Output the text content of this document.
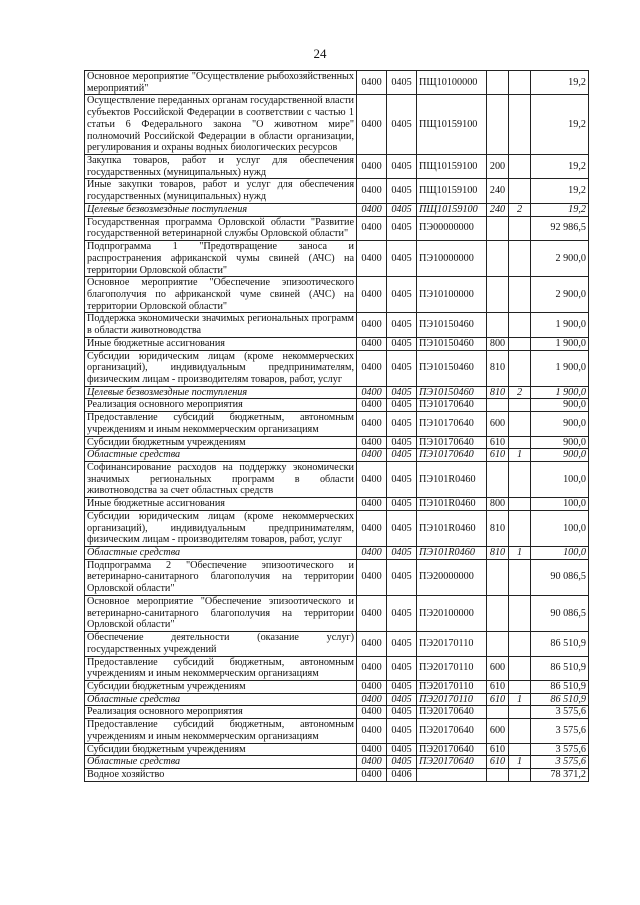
24
Основное мероприятие "Осуществление рыбохозяйственных мероприятий"	0400	0405	ПЩ10100000			19,2
Осуществление переданных органам государственной власти субъектов Российской Федерации в соответствии с частью 1 статьи 6 Федерального закона "О животном мире" полномочий Российской Федерации в области организации, регулирования и охраны водных биологических ресурсов	0400	0405	ПЩ10159100			19,2
Закупка товаров, работ и услуг для обеспечения государственных (муниципальных) нужд	0400	0405	ПЩ10159100	200		19,2
Иные закупки товаров, работ и услуг для обеспечения государственных (муниципальных) нужд	0400	0405	ПЩ10159100	240		19,2
Целевые безвозмездные поступления	0400	0405	ПЩ10159100	240	2	19,2
Государственная программа Орловской области "Развитие государственной ветеринарной службы Орловской области"	0400	0405	ПЭ00000000			92 986,5
Подпрограмма 1 "Предотвращение заноса и распространения африканской чумы свиней (АЧС) на территории Орловской области"	0400	0405	ПЭ10000000			2 900,0
Основное мероприятие "Обеспечение эпизоотического благополучия по африканской чуме свиней (АЧС) на территории Орловской области"	0400	0405	ПЭ10100000			2 900,0
Поддержка экономически значимых региональных программ в области животноводства	0400	0405	ПЭ10150460			1 900,0
Иные бюджетные ассигнования	0400	0405	ПЭ10150460	800		1 900,0
Субсидии юридическим лицам (кроме некоммерческих организаций), индивидуальным предпринимателям, физическим лицам - производителям товаров, работ, услуг	0400	0405	ПЭ10150460	810		1 900,0
Целевые безвозмездные поступления	0400	0405	ПЭ10150460	810	2	1 900,0
Реализация основного мероприятия	0400	0405	ПЭ10170640			900,0
Предоставление субсидий бюджетным, автономным учреждениям и иным некоммерческим организациям	0400	0405	ПЭ10170640	600		900,0
Субсидии бюджетным учреждениям	0400	0405	ПЭ10170640	610		900,0
Областные средства	0400	0405	ПЭ10170640	610	1	900,0
Софинансирование расходов на поддержку экономически значимых региональных программ в области животноводства за счет областных средств	0400	0405	ПЭ101R0460			100,0
Иные бюджетные ассигнования	0400	0405	ПЭ101R0460	800		100,0
Субсидии юридическим лицам (кроме некоммерческих организаций), индивидуальным предпринимателям, физическим лицам - производителям товаров, работ, услуг	0400	0405	ПЭ101R0460	810		100,0
Областные средства	0400	0405	ПЭ101R0460	810	1	100,0
Подпрограмма 2 "Обеспечение эпизоотического и ветеринарно-санитарного благополучия на территории Орловской области"	0400	0405	ПЭ20000000			90 086,5
Основное мероприятие "Обеспечение эпизоотического и ветеринарно-санитарного благополучия на территории Орловской области"	0400	0405	ПЭ20100000			90 086,5
Обеспечение деятельности (оказание услуг) государственных учреждений	0400	0405	ПЭ20170110			86 510,9
Предоставление субсидий бюджетным, автономным учреждениям и иным некоммерческим организациям	0400	0405	ПЭ20170110	600		86 510,9
Субсидии бюджетным учреждениям	0400	0405	ПЭ20170110	610		86 510,9
Областные средства	0400	0405	ПЭ20170110	610	1	86 510,9
Реализация основного мероприятия	0400	0405	ПЭ20170640			3 575,6
Предоставление субсидий бюджетным, автономным учреждениям и иным некоммерческим организациям	0400	0405	ПЭ20170640	600		3 575,6
Субсидии бюджетным учреждениям	0400	0405	ПЭ20170640	610		3 575,6
Областные средства	0400	0405	ПЭ20170640	610	1	3 575,6
Водное хозяйство	0400	0406				78 371,2
